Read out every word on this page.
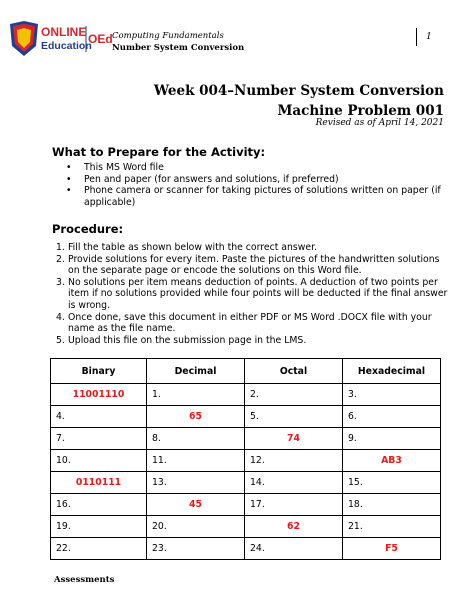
ONLINE OEd
Education
Computing Fundamentals
Number System Conversion
1
Week 004–Number System Conversion
Machine Problem 001
Revised as of April 14, 2021
What to Prepare for the Activity:
•	This MS Word file
•	Pen and paper (for answers and solutions, if preferred)
•	Phone camera or scanner for taking pictures of solutions written on paper (if applicable)
Procedure:
1. Fill the table as shown below with the correct answer.
2. Provide solutions for every item. Paste the pictures of the handwritten solutions on the separate page or encode the solutions on this Word file.
3. No solutions per item means deduction of points. A deduction of two points per item if no solutions provided while four points will be deducted if the final answer is wrong.
4. Once done, save this document in either PDF or MS Word .DOCX file with your name as the file name.
5. Upload this file on the submission page in the LMS.
Binary	Decimal	Octal	Hexadecimal
11001110	1.	2.	3.
4.	65	5.	6.
7.	8.	74	9.
10.	11.	12.	AB3
0110111	13.	14.	15.
16.	45	17.	18.
19.	20.	62	21.
22.	23.	24.	F5
Assessments
